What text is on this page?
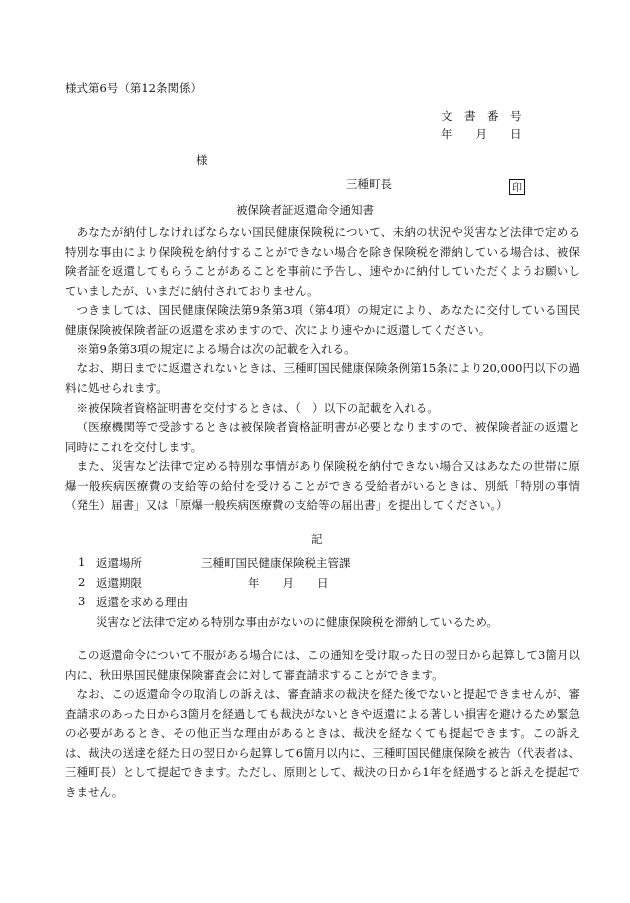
様式第6号（第12条関係）
文　書　番　号
年　　月　　日
様
三種町長	印
被保険者証返還命令通知書
あなたが納付しなければならない国民健康保険税について、未納の状況や災害など法律で定める特別な事由により保険税を納付することができない場合を除き保険税を滞納している場合は、被保険者証を返還してもらうことがあることを事前に予告し、速やかに納付していただくようお願いしていましたが、いまだに納付されておりません。
つきましては、国民健康保険法第9条第3項（第4項）の規定により、あなたに交付している国民健康保険被保険者証の返還を求めますので、次により速やかに返還してください。
※第9条第3項の規定による場合は次の記載を入れる。
なお、期日までに返還されないときは、三種町国民健康保険条例第15条により20,000円以下の過料に処せられます。
※被保険者資格証明書を交付するときは、（　）以下の記載を入れる。
（医療機関等で受診するときは被保険者資格証明書が必要となりますので、被保険者証の返還と同時にこれを交付します。
また、災害など法律で定める特別な事情があり保険税を納付できない場合又はあなたの世帯に原爆一般疾病医療費の支給等の給付を受けることができる受給者がいるときは、別紙「特別の事情（発生）届書」又は「原爆一般疾病医療費の支給等の届出書」を提出してください。）
記
1 返還場所	三種町国民健康保険税主管課
2 返還期限	年　　月　　日
3 返還を求める理由
災害など法律で定める特別な事由がないのに健康保険税を滞納しているため。
この返還命令について不服がある場合には、この通知を受け取った日の翌日から起算して3箇月以内に、秋田県国民健康保険審査会に対して審査請求することができます。
なお、この返還命令の取消しの訴えは、審査請求の裁決を経た後でないと提起できませんが、審査請求のあった日から3箇月を経過しても裁決がないときや返還による著しい損害を避けるため緊急の必要があるとき、その他正当な理由があるときは、裁決を経なくても提起できます。この訴えは、裁決の送達を経た日の翌日から起算して6箇月以内に、三種町国民健康保険を被告（代表者は、三種町長）として提起できます。ただし、原則として、裁決の日から1年を経過すると訴えを提起できません。
